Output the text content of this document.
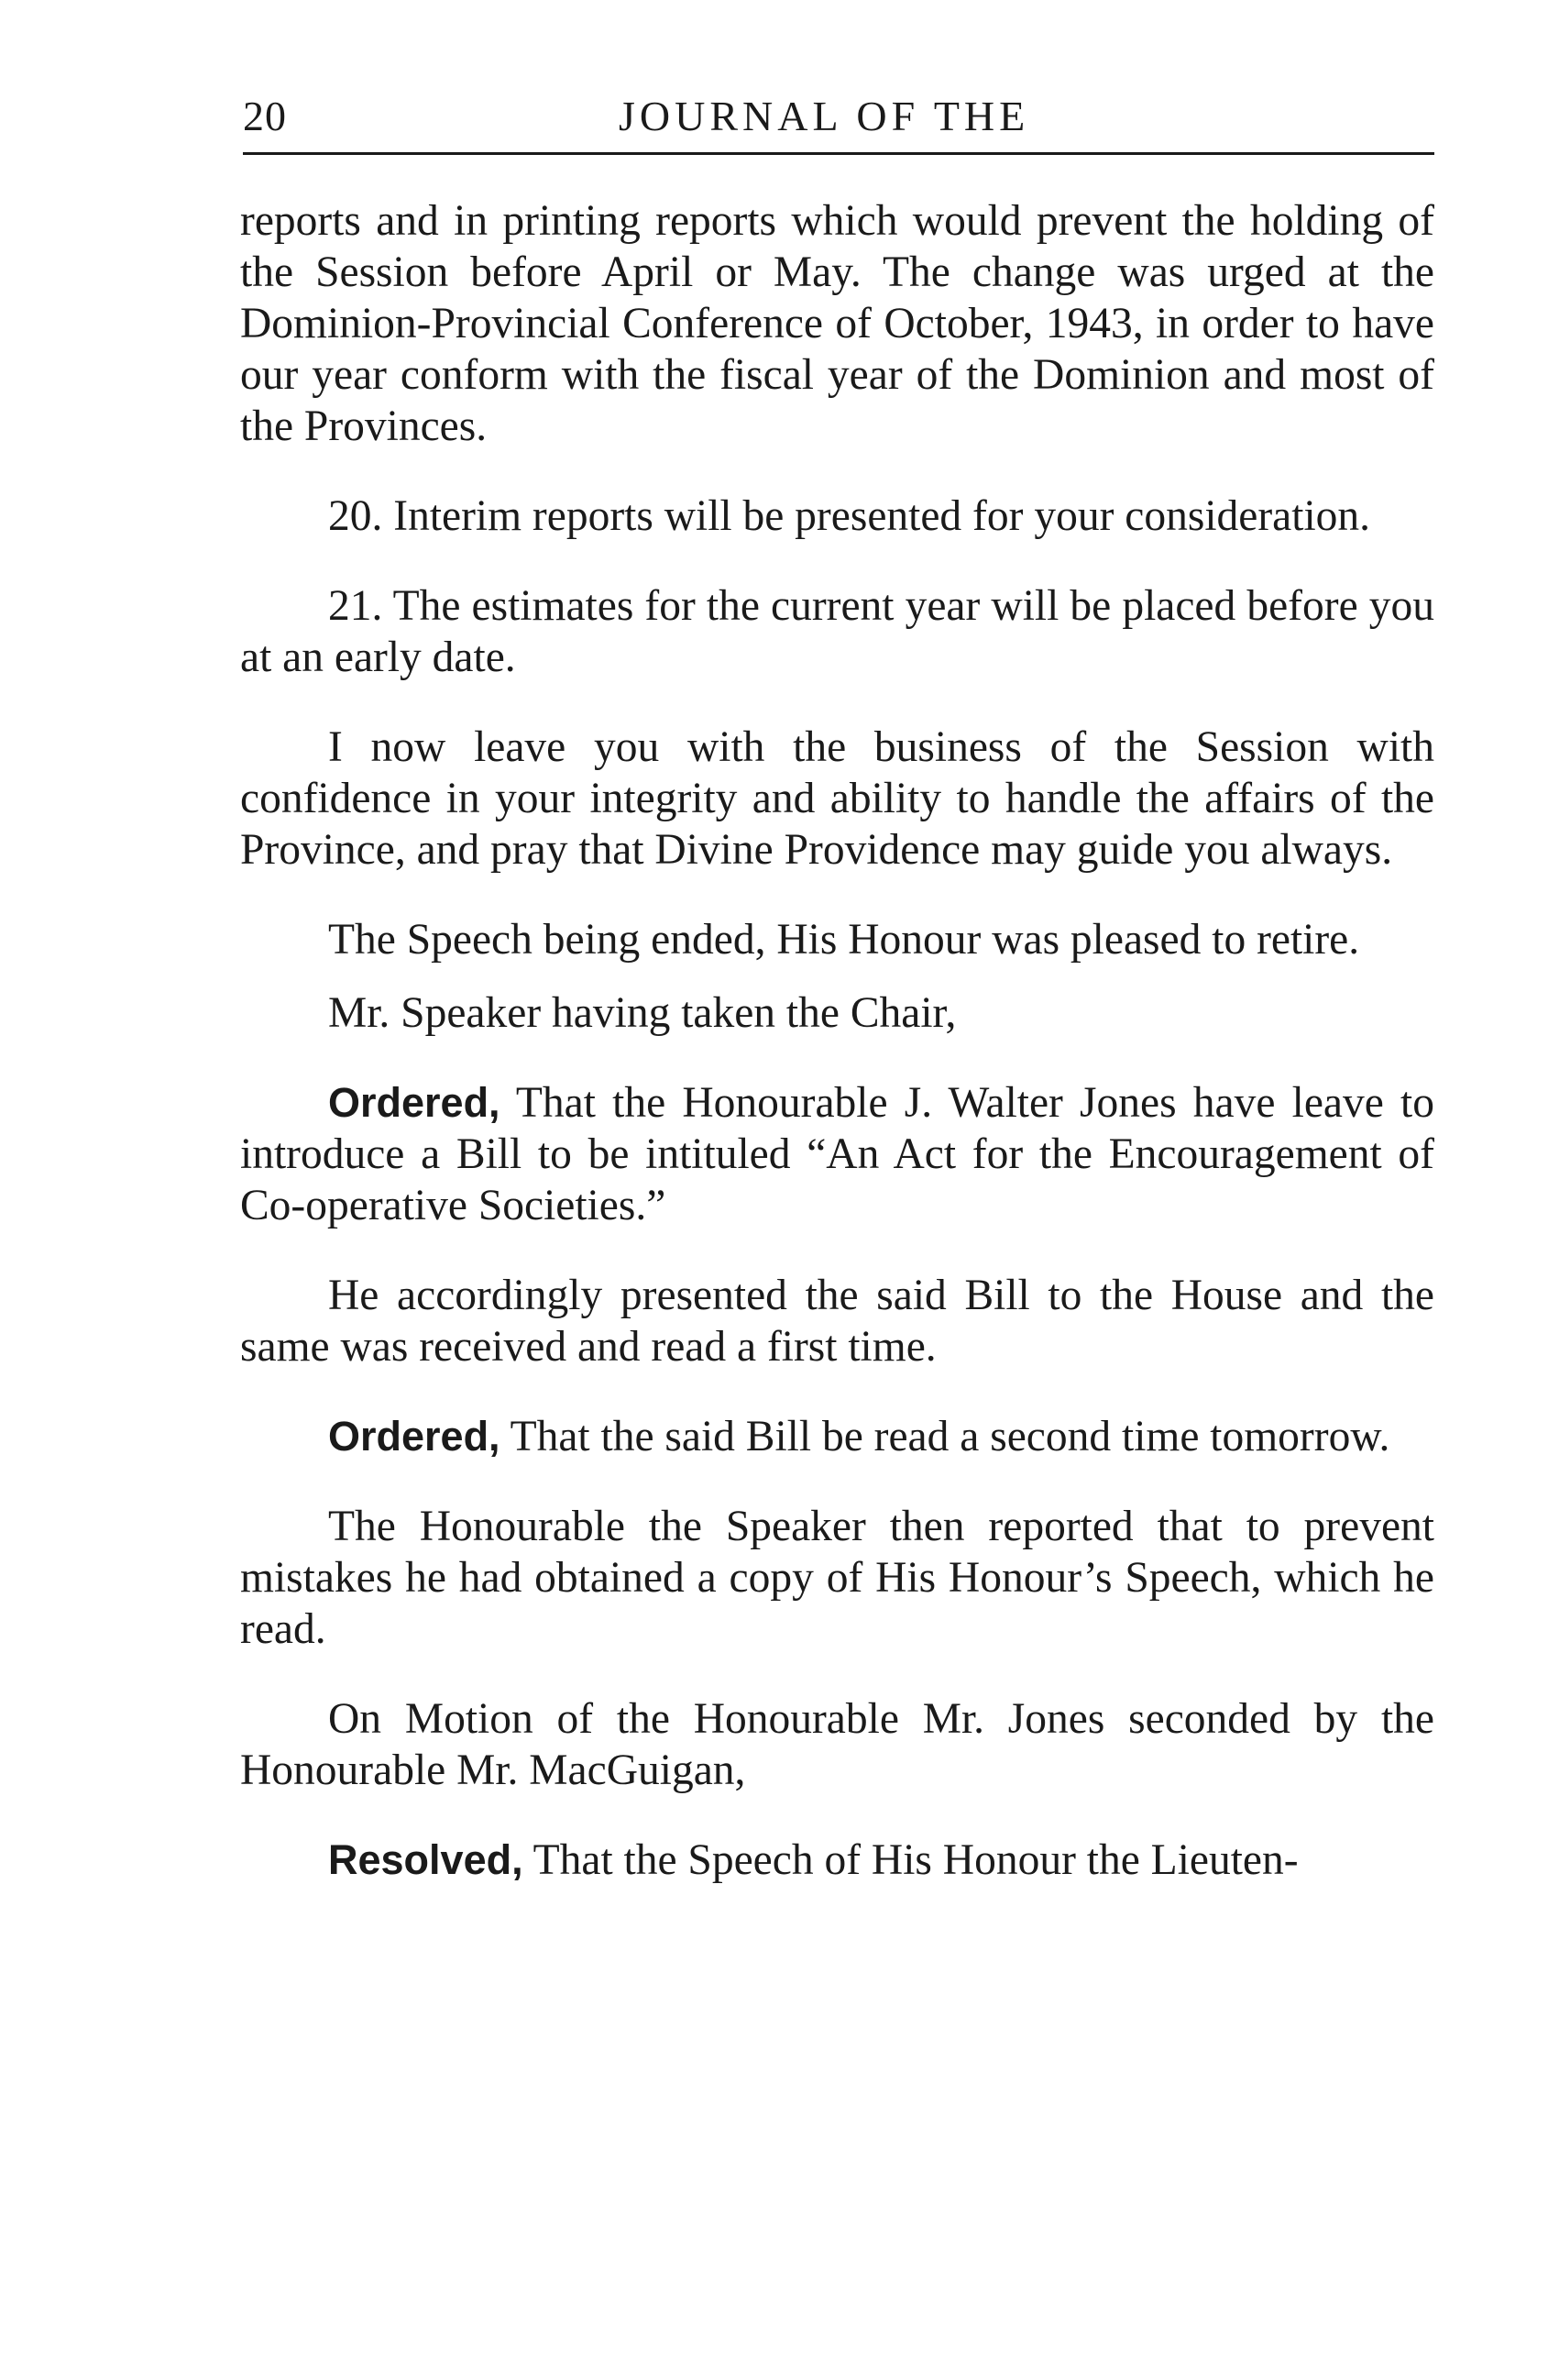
20	JOURNAL OF THE

reports and in printing reports which would prevent the holding of the Session before April or May. The change was urged at the Dominion-Provincial Conference of October, 1943, in order to have our year conform with the fiscal year of the Dominion and most of the Provinces.

20. Interim reports will be presented for your consideration.

21. The estimates for the current year will be placed before you at an early date.

I now leave you with the business of the Session with confidence in your integrity and ability to handle the affairs of the Province, and pray that Divine Providence may guide you always.

The Speech being ended, His Honour was pleased to retire.

Mr. Speaker having taken the Chair,

Ordered, That the Honourable J. Walter Jones have leave to introduce a Bill to be intituled “An Act for the Encouragement of Co-operative Societies.”

He accordingly presented the said Bill to the House and the same was received and read a first time.

Ordered, That the said Bill be read a second time tomorrow.

The Honourable the Speaker then reported that to prevent mistakes he had obtained a copy of His Honour’s Speech, which he read.

On Motion of the Honourable Mr. Jones seconded by the Honourable Mr. MacGuigan,

Resolved, That the Speech of His Honour the Lieuten-
